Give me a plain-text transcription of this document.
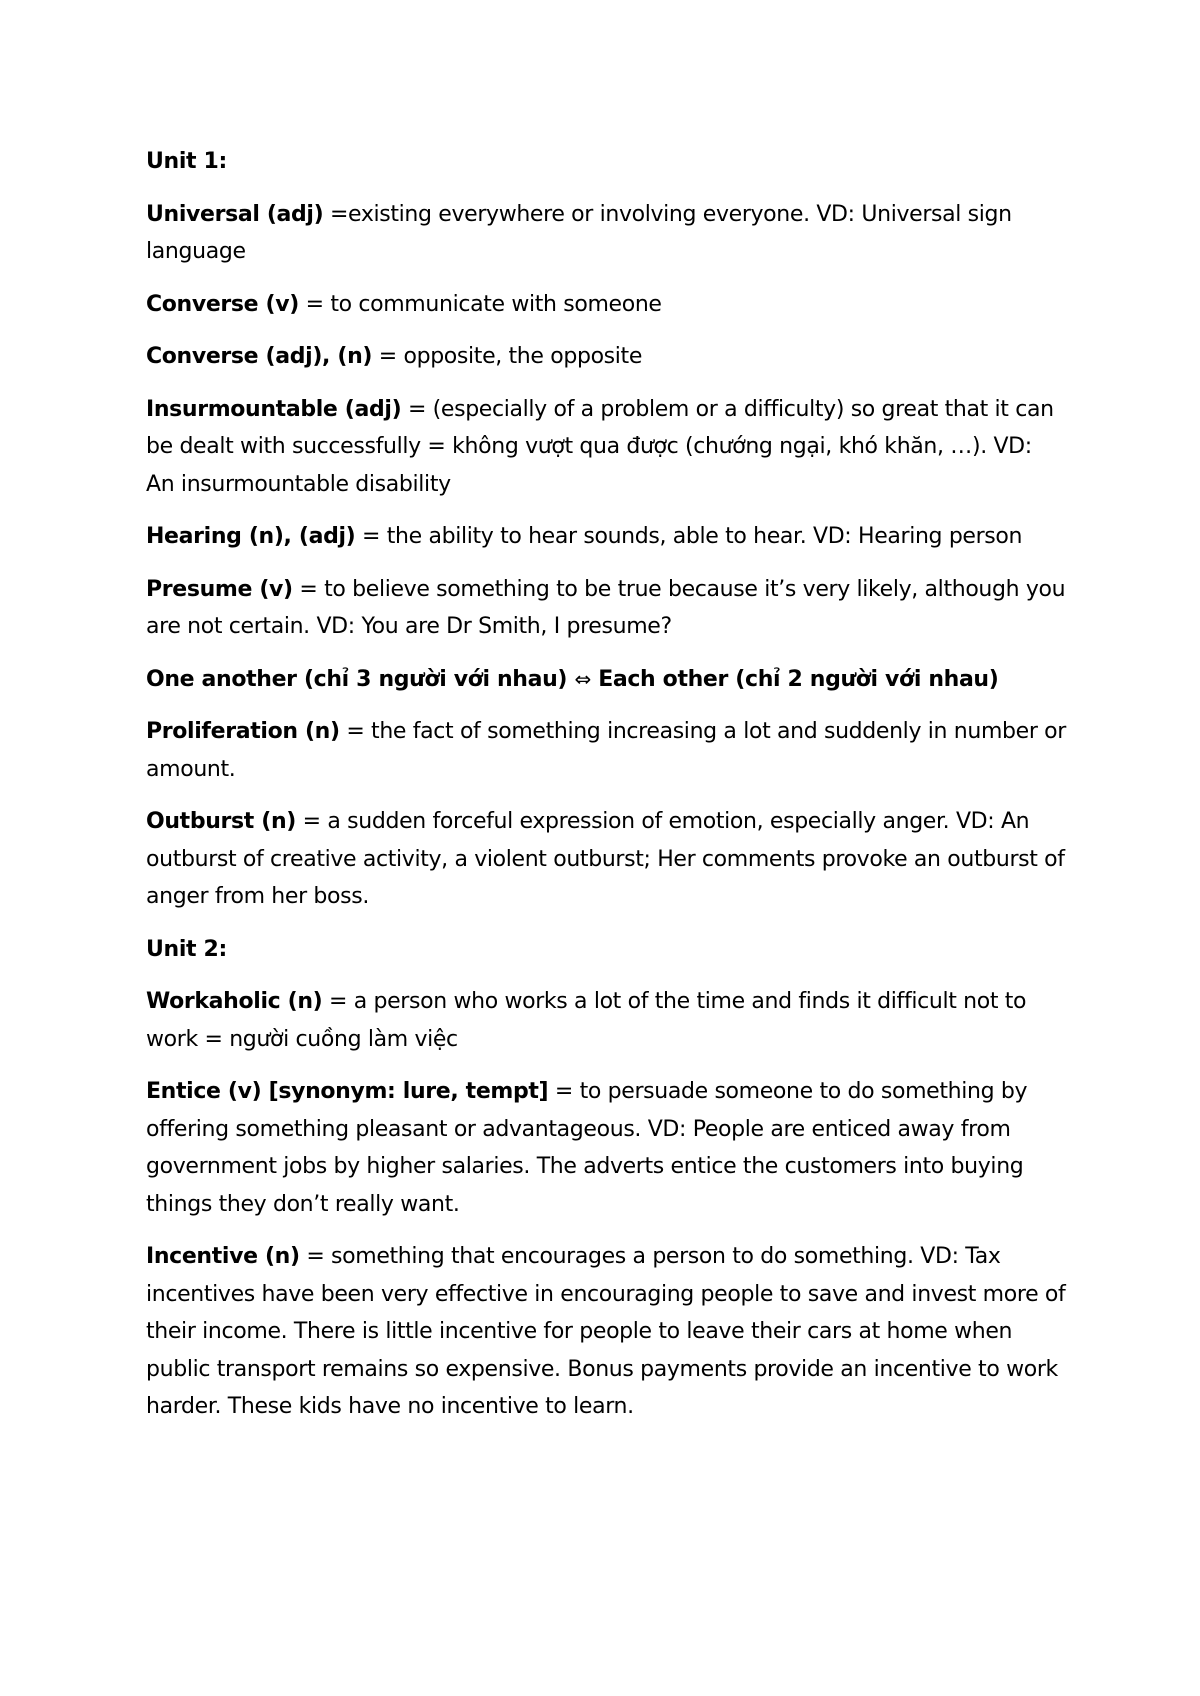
Unit 1:

Universal (adj) =existing everywhere or involving everyone. VD: Universal sign language

Converse (v) = to communicate with someone

Converse (adj), (n) = opposite, the opposite

Insurmountable (adj) = (especially of a problem or a difficulty) so great that it can be dealt with successfully = không vượt qua được (chướng ngại, khó khăn, …). VD: An insurmountable disability

Hearing (n), (adj) = the ability to hear sounds, able to hear. VD: Hearing person

Presume (v) = to believe something to be true because it’s very likely, although you are not certain. VD: You are Dr Smith, I presume?

One another (chỉ 3 người với nhau) ⇔ Each other (chỉ 2 người với nhau)

Proliferation (n) = the fact of something increasing a lot and suddenly in number or amount.

Outburst (n) = a sudden forceful expression of emotion, especially anger. VD: An outburst of creative activity, a violent outburst; Her comments provoke an outburst of anger from her boss.

Unit 2:

Workaholic (n) = a person who works a lot of the time and finds it difficult not to work = người cuồng làm việc

Entice (v) [synonym: lure, tempt] = to persuade someone to do something by offering something pleasant or advantageous. VD: People are enticed away from government jobs by higher salaries. The adverts entice the customers into buying things they don’t really want.

Incentive (n) = something that encourages a person to do something. VD: Tax incentives have been very effective in encouraging people to save and invest more of their income. There is little incentive for people to leave their cars at home when public transport remains so expensive. Bonus payments provide an incentive to work harder. These kids have no incentive to learn.
